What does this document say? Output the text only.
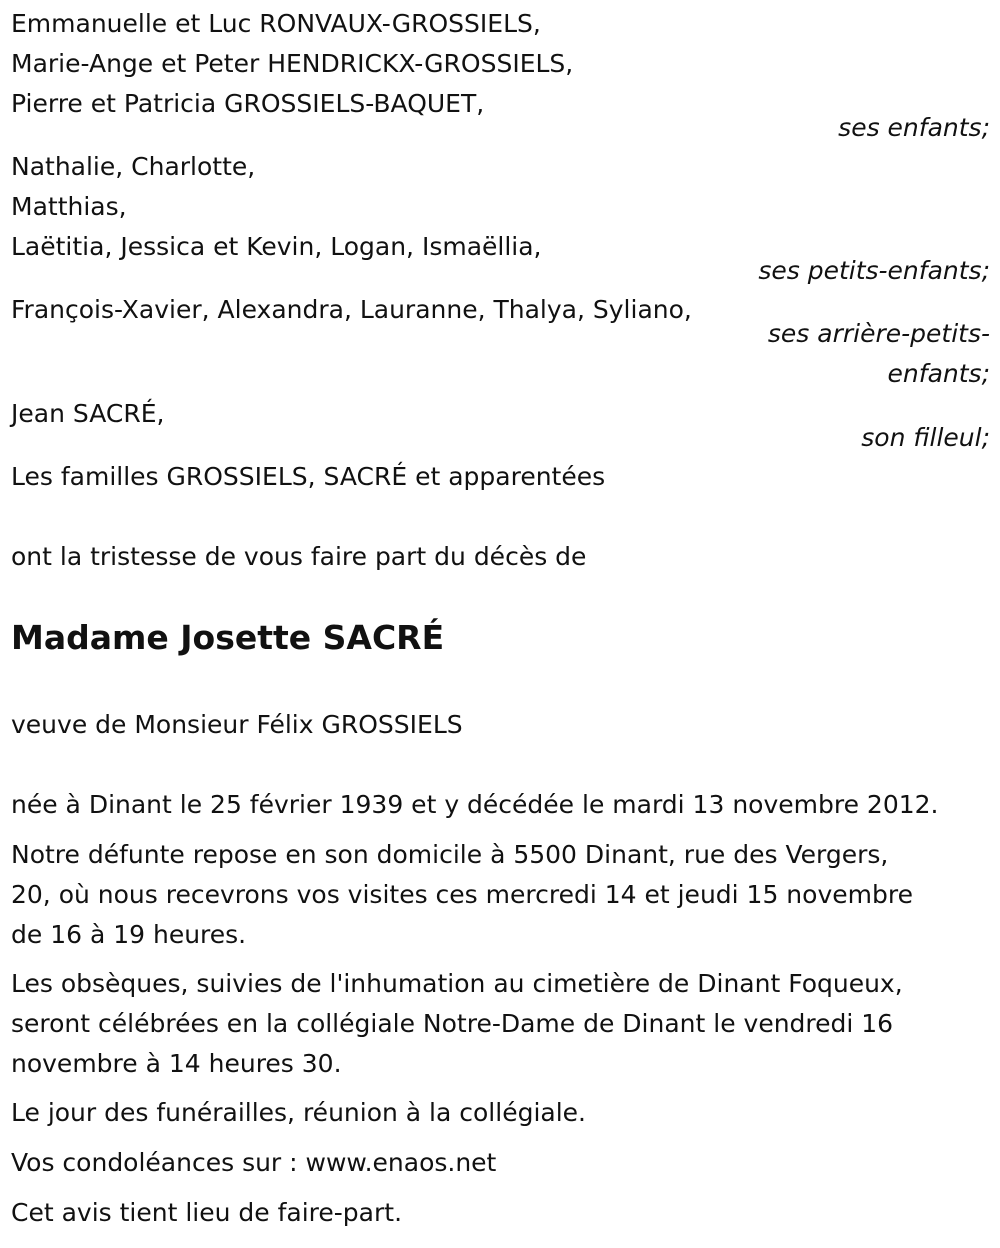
Emmanuelle et Luc RONVAUX-GROSSIELS,
Marie-Ange et Peter HENDRICKX-GROSSIELS,
Pierre et Patricia GROSSIELS-BAQUET,
ses enfants;
Nathalie, Charlotte,
Matthias,
Laëtitia, Jessica et Kevin, Logan, Ismaëllia,
ses petits-enfants;
François-Xavier, Alexandra, Lauranne, Thalya, Syliano,
ses arrière-petits-
enfants;
Jean SACRÉ,
son filleul;
Les familles GROSSIELS, SACRÉ et apparentées
ont la tristesse de vous faire part du décès de
Madame Josette SACRÉ
veuve de Monsieur Félix GROSSIELS
née à Dinant le 25 février 1939 et y décédée le mardi 13 novembre 2012.
Notre défunte repose en son domicile à 5500 Dinant, rue des Vergers,
20, où nous recevrons vos visites ces mercredi 14 et jeudi 15 novembre
de 16 à 19 heures.
Les obsèques, suivies de l'inhumation au cimetière de Dinant Foqueux,
seront célébrées en la collégiale Notre-Dame de Dinant le vendredi 16
novembre à 14 heures 30.
Le jour des funérailles, réunion à la collégiale.
Vos condoléances sur : www.enaos.net
Cet avis tient lieu de faire-part.
